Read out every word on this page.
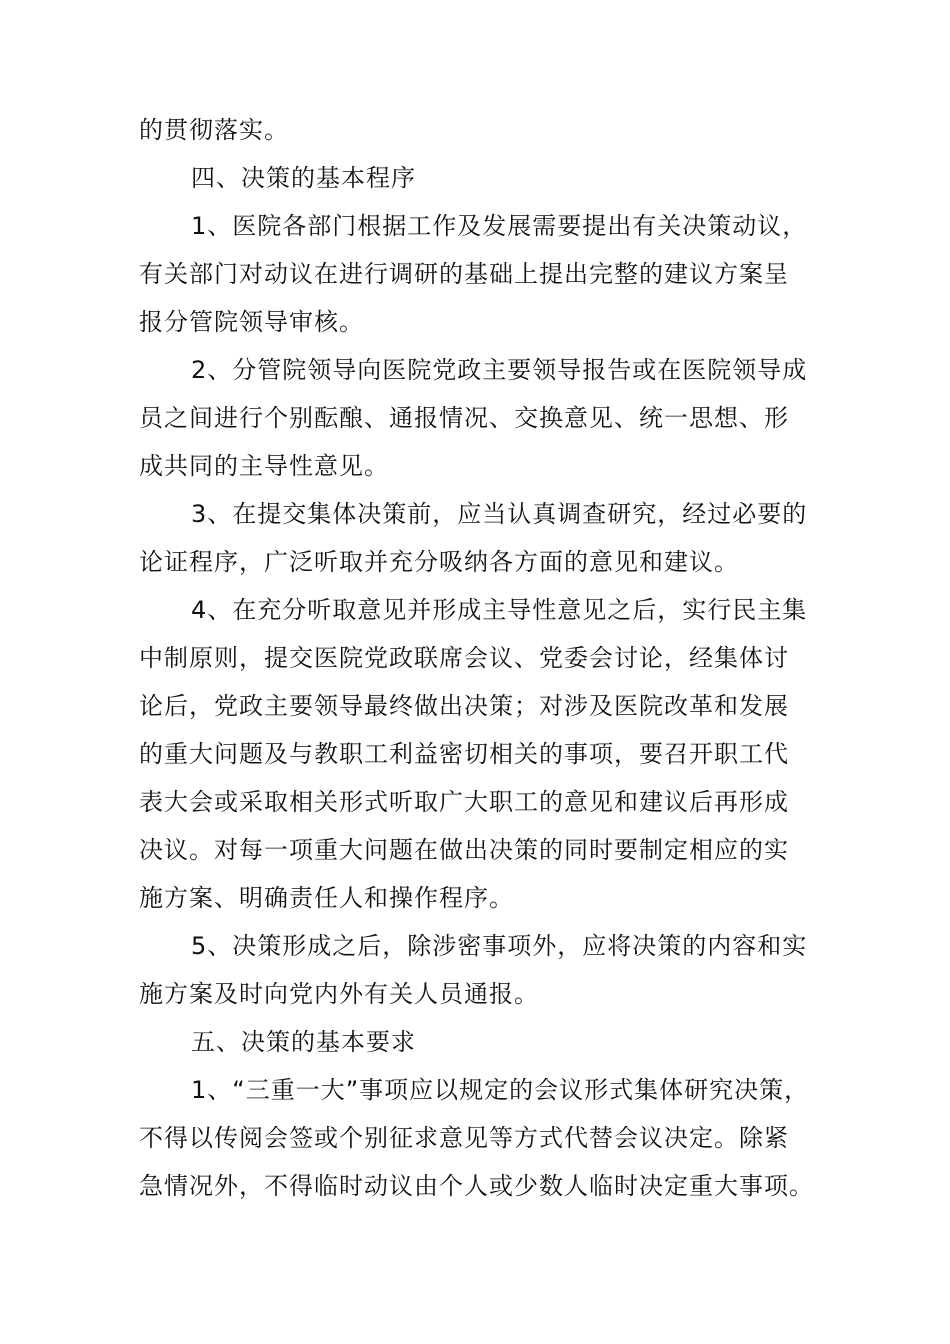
的贯彻落实。
四、决策的基本程序
1、医院各部门根据工作及发展需要提出有关决策动议，
有关部门对动议在进行调研的基础上提出完整的建议方案呈
报分管院领导审核。
2、分管院领导向医院党政主要领导报告或在医院领导成
员之间进行个别酝酿、通报情况、交换意见、统一思想、形
成共同的主导性意见。
3、在提交集体决策前，应当认真调查研究，经过必要的
论证程序，广泛听取并充分吸纳各方面的意见和建议。
4、在充分听取意见并形成主导性意见之后，实行民主集
中制原则，提交医院党政联席会议、党委会讨论，经集体讨
论后，党政主要领导最终做出决策；对涉及医院改革和发展
的重大问题及与教职工利益密切相关的事项，要召开职工代
表大会或采取相关形式听取广大职工的意见和建议后再形成
决议。对每一项重大问题在做出决策的同时要制定相应的实
施方案、明确责任人和操作程序。
5、决策形成之后，除涉密事项外，应将决策的内容和实
施方案及时向党内外有关人员通报。
五、决策的基本要求
1、“三重一大”事项应以规定的会议形式集体研究决策，
不得以传阅会签或个别征求意见等方式代替会议决定。除紧
急情况外，不得临时动议由个人或少数人临时决定重大事项。
